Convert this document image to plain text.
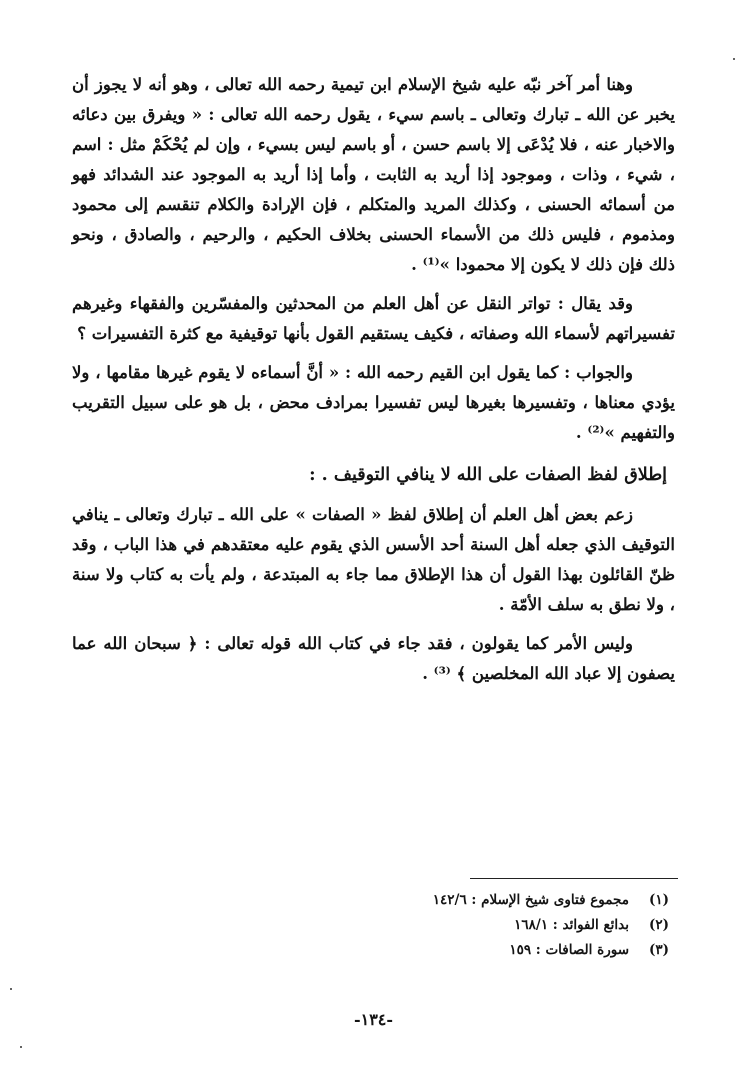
وهنا أمر آخر نبّه عليه شيخ الإسلام ابن تيمية رحمه الله تعالى ، وهو أنه لا يجوز أن يخبر عن الله ـ تبارك وتعالى ـ باسم سيء ، يقول رحمه الله تعالى : « ويفرق بين دعائه والاخبار عنه ، فلا يُدْعَى إلا باسم حسن ، أو باسم ليس بسيء ، وإن لم يُحْكَمْ مثل : اسم ، شيء ، وذات ، وموجود إذا أريد به الثابت ، وأما إذا أريد به الموجود عند الشدائد فهو من أسمائه الحسنى ، وكذلك المريد والمتكلم ، فإن الإرادة والكلام تنقسم إلى محمود ومذموم ، فليس ذلك من الأسماء الحسنى بخلاف الحكيم ، والرحيم ، والصادق ، ونحو ذلك فإن ذلك لا يكون إلا محمودا »⁽¹⁾ .

وقد يقال : تواتر النقل عن أهل العلم من المحدثين والمفسّرين والفقهاء وغيرهم تفسيراتهم لأسماء الله وصفاته ، فكيف يستقيم القول بأنها توقيفية مع كثرة التفسيرات ؟

والجواب : كما يقول ابن القيم رحمه الله : « أنَّ أسماءه لا يقوم غيرها مقامها ، ولا يؤدي معناها ، وتفسيرها بغيرها ليس تفسيرا بمرادف محض ، بل هو على سبيل التقريب والتفهيم »⁽²⁾ .

إطلاق لفظ الصفات على الله لا ينافي التوقيف . :

زعم بعض أهل العلم أن إطلاق لفظ « الصفات » على الله ـ تبارك وتعالى ـ ينافي التوقيف الذي جعله أهل السنة أحد الأسس الذي يقوم عليه معتقدهم في هذا الباب ، وقد ظنّ القائلون بهذا القول أن هذا الإطلاق مما جاء به المبتدعة ، ولم يأت به كتاب ولا سنة ، ولا نطق به سلف الأمّة .

وليس الأمر كما يقولون ، فقد جاء في كتاب الله قوله تعالى : ﴿ سبحان الله عما يصفون إلا عباد الله المخلصين ﴾ ⁽³⁾ .

(١)
مجموع فتاوى شيخ الإسلام : ١٤٢/٦
(٢)
بدائع الفوائد : ١٦٨/١
(٣)
سورة الصافات : ١٥٩
-١٣٤-
